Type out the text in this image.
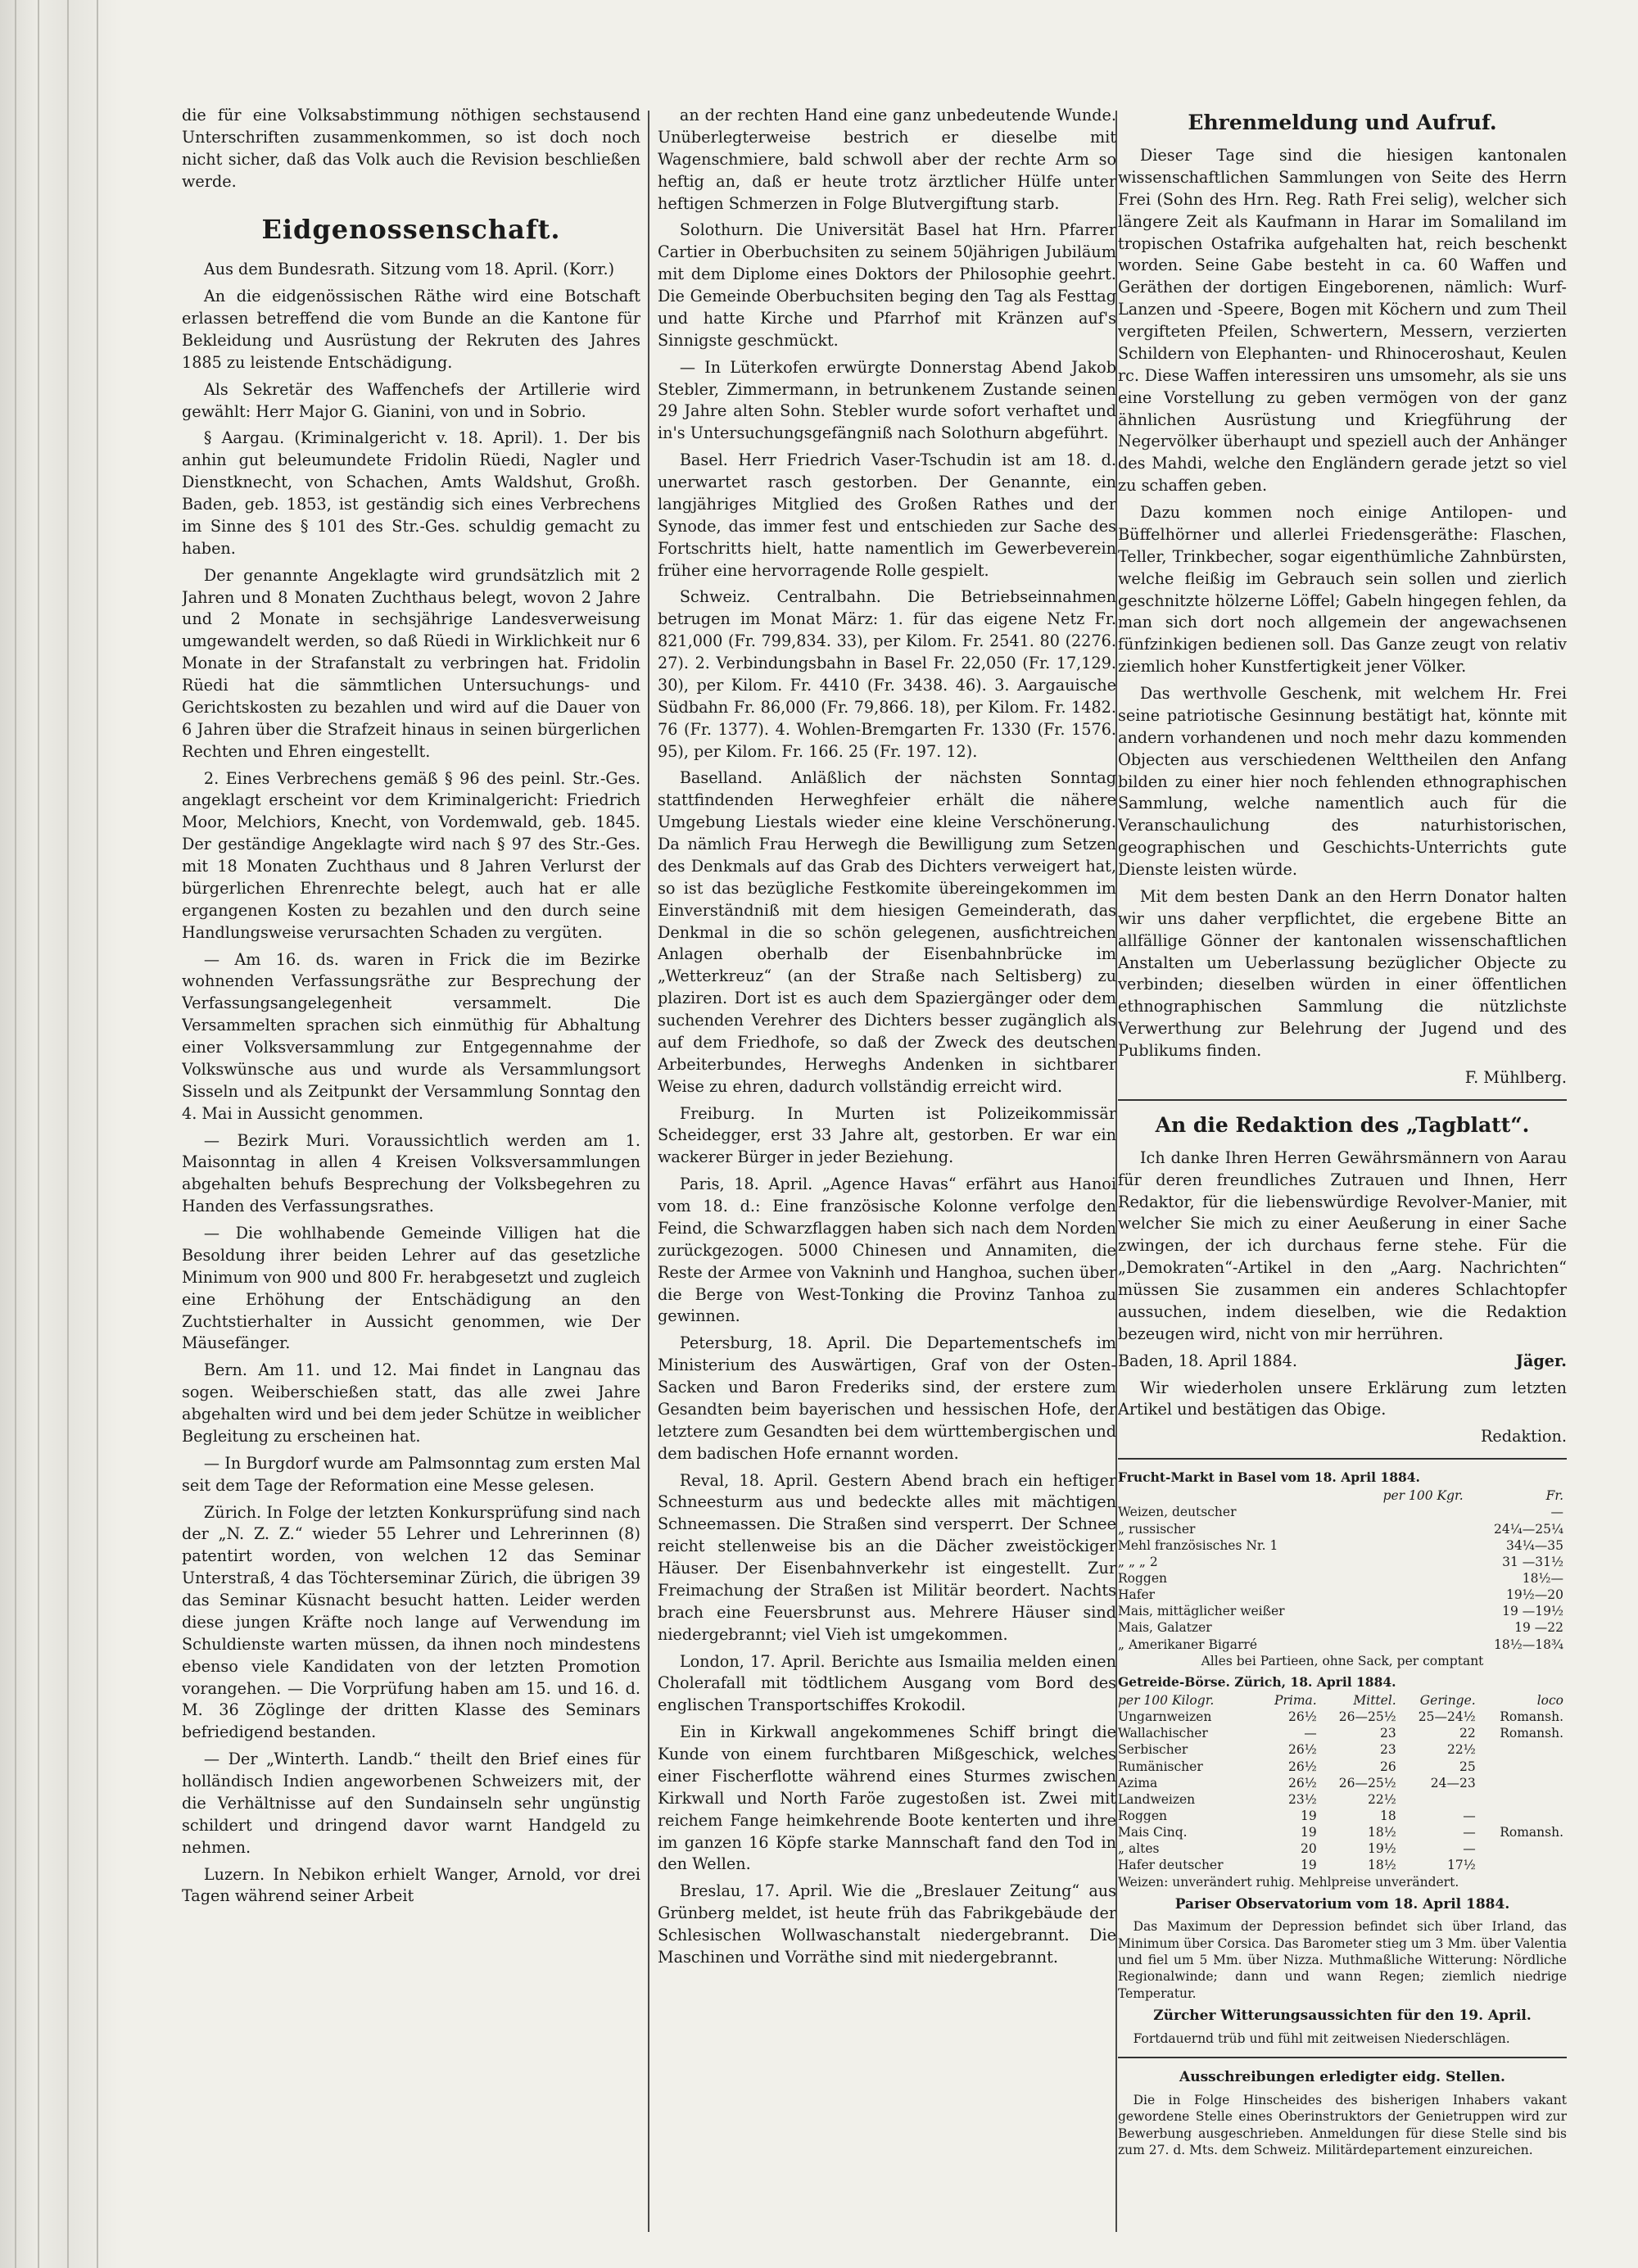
die für eine Volksabstimmung nöthigen sechstausend Unterschriften zusammenkommen, so ist doch noch nicht sicher, daß das Volk auch die Revision beschließen werde.

Eidgenossenschaft.

Aus dem Bundesrath. Sitzung vom 18. April. (Korr.)

An die eidgenössischen Räthe wird eine Botschaft erlassen betreffend die vom Bunde an die Kantone für Bekleidung und Ausrüstung der Rekruten des Jahres 1885 zu leistende Entschädigung.

Als Sekretär des Waffenchefs der Artillerie wird gewählt: Herr Major G. Gianini, von und in Sobrio.

§ Aargau. (Kriminalgericht v. 18. April). 1. Der bis anhin gut beleumundete Fridolin Rüedi, Nagler und Dienstknecht, von Schachen, Amts Waldshut, Großh. Baden, geb. 1853, ist geständig sich eines Verbrechens im Sinne des § 101 des Str.-Ges. schuldig gemacht zu haben.

Der genannte Angeklagte wird grundsätzlich mit 2 Jahren und 8 Monaten Zuchthaus belegt, wovon 2 Jahre und 2 Monate in sechsjährige Landesverweisung umgewandelt werden, so daß Rüedi in Wirklichkeit nur 6 Monate in der Strafanstalt zu verbringen hat. Fridolin Rüedi hat die sämmtlichen Untersuchungs- und Gerichtskosten zu bezahlen und wird auf die Dauer von 6 Jahren über die Strafzeit hinaus in seinen bürgerlichen Rechten und Ehren eingestellt.

2. Eines Verbrechens gemäß § 96 des peinl. Str.-Ges. angeklagt erscheint vor dem Kriminalgericht: Friedrich Moor, Melchiors, Knecht, von Vordemwald, geb. 1845. Der geständige Angeklagte wird nach § 97 des Str.-Ges. mit 18 Monaten Zuchthaus und 8 Jahren Verlurst der bürgerlichen Ehrenrechte belegt, auch hat er alle ergangenen Kosten zu bezahlen und den durch seine Handlungsweise verursachten Schaden zu vergüten.

— Am 16. ds. waren in Frick die im Bezirke wohnenden Verfassungsräthe zur Besprechung der Verfassungsangelegenheit versammelt. Die Versammelten sprachen sich einmüthig für Abhaltung einer Volksversammlung zur Entgegennahme der Volkswünsche aus und wurde als Versammlungsort Sisseln und als Zeitpunkt der Versammlung Sonntag den 4. Mai in Aussicht genommen.

— Bezirk Muri. Voraussichtlich werden am 1. Maisonntag in allen 4 Kreisen Volksversammlungen abgehalten behufs Besprechung der Volksbegehren zu Handen des Verfassungsrathes.

— Die wohlhabende Gemeinde Villigen hat die Besoldung ihrer beiden Lehrer auf das gesetzliche Minimum von 900 und 800 Fr. herabgesetzt und zugleich eine Erhöhung der Entschädigung an den Zuchtstierhalter in Aussicht genommen, wie Der Mäusefänger.

Bern. Am 11. und 12. Mai findet in Langnau das sogen. Weiberschießen statt, das alle zwei Jahre abgehalten wird und bei dem jeder Schütze in weiblicher Begleitung zu erscheinen hat.

— In Burgdorf wurde am Palmsonntag zum ersten Mal seit dem Tage der Reformation eine Messe gelesen.

Zürich. In Folge der letzten Konkursprüfung sind nach der „N. Z. Z.“ wieder 55 Lehrer und Lehrerinnen (8) patentirt worden, von welchen 12 das Seminar Unterstraß, 4 das Töchterseminar Zürich, die übrigen 39 das Seminar Küsnacht besucht hatten. Leider werden diese jungen Kräfte noch lange auf Verwendung im Schuldienste warten müssen, da ihnen noch mindestens ebenso viele Kandidaten von der letzten Promotion vorangehen. — Die Vorprüfung haben am 15. und 16. d. M. 36 Zöglinge der dritten Klasse des Seminars befriedigend bestanden.

— Der „Winterth. Landb.“ theilt den Brief eines für holländisch Indien angeworbenen Schweizers mit, der die Verhältnisse auf den Sundainseln sehr ungünstig schildert und dringend davor warnt Handgeld zu nehmen.

Luzern. In Nebikon erhielt Wanger, Arnold, vor drei Tagen während seiner Arbeit

an der rechten Hand eine ganz unbedeutende Wunde. Unüberlegterweise bestrich er dieselbe mit Wagenschmiere, bald schwoll aber der rechte Arm so heftig an, daß er heute trotz ärztlicher Hülfe unter heftigen Schmerzen in Folge Blutvergiftung starb.

Solothurn. Die Universität Basel hat Hrn. Pfarrer Cartier in Oberbuchsiten zu seinem 50jährigen Jubiläum mit dem Diplome eines Doktors der Philosophie geehrt. Die Gemeinde Oberbuchsiten beging den Tag als Festtag und hatte Kirche und Pfarrhof mit Kränzen auf's Sinnigste geschmückt.

— In Lüterkofen erwürgte Donnerstag Abend Jakob Stebler, Zimmermann, in betrunkenem Zustande seinen 29 Jahre alten Sohn. Stebler wurde sofort verhaftet und in's Untersuchungsgefängniß nach Solothurn abgeführt.

Basel. Herr Friedrich Vaser-Tschudin ist am 18. d. unerwartet rasch gestorben. Der Genannte, ein langjähriges Mitglied des Großen Rathes und der Synode, das immer fest und entschieden zur Sache des Fortschritts hielt, hatte namentlich im Gewerbeverein früher eine hervorragende Rolle gespielt.

Schweiz. Centralbahn. Die Betriebseinnahmen betrugen im Monat März: 1. für das eigene Netz Fr. 821,000 (Fr. 799,834. 33), per Kilom. Fr. 2541. 80 (2276. 27). 2. Verbindungsbahn in Basel Fr. 22,050 (Fr. 17,129. 30), per Kilom. Fr. 4410 (Fr. 3438. 46). 3. Aargauische Südbahn Fr. 86,000 (Fr. 79,866. 18), per Kilom. Fr. 1482. 76 (Fr. 1377). 4. Wohlen-Bremgarten Fr. 1330 (Fr. 1576. 95), per Kilom. Fr. 166. 25 (Fr. 197. 12).

Baselland. Anläßlich der nächsten Sonntag stattfindenden Herweghfeier erhält die nähere Umgebung Liestals wieder eine kleine Verschönerung. Da nämlich Frau Herwegh die Bewilligung zum Setzen des Denkmals auf das Grab des Dichters verweigert hat, so ist das bezügliche Festkomite übereingekommen im Einverständniß mit dem hiesigen Gemeinderath, das Denkmal in die so schön gelegenen, ausfichtreichen Anlagen oberhalb der Eisenbahnbrücke im „Wetterkreuz“ (an der Straße nach Seltisberg) zu plaziren. Dort ist es auch dem Spaziergänger oder dem suchenden Verehrer des Dichters besser zugänglich als auf dem Friedhofe, so daß der Zweck des deutschen Arbeiterbundes, Herweghs Andenken in sichtbarer Weise zu ehren, dadurch vollständig erreicht wird.

Freiburg. In Murten ist Polizeikommissär Scheidegger, erst 33 Jahre alt, gestorben. Er war ein wackerer Bürger in jeder Beziehung.

Paris, 18. April. „Agence Havas“ erfährt aus Hanoi vom 18. d.: Eine französische Kolonne verfolge den Feind, die Schwarzflaggen haben sich nach dem Norden zurückgezogen. 5000 Chinesen und Annamiten, die Reste der Armee von Vakninh und Hanghoa, suchen über die Berge von West-Tonking die Provinz Tanhoa zu gewinnen.

Petersburg, 18. April. Die Departementschefs im Ministerium des Auswärtigen, Graf von der Osten-Sacken und Baron Frederiks sind, der erstere zum Gesandten beim bayerischen und hessischen Hofe, der letztere zum Gesandten bei dem württembergischen und dem badischen Hofe ernannt worden.

Reval, 18. April. Gestern Abend brach ein heftiger Schneesturm aus und bedeckte alles mit mächtigen Schneemassen. Die Straßen sind versperrt. Der Schnee reicht stellenweise bis an die Dächer zweistöckiger Häuser. Der Eisenbahnverkehr ist eingestellt. Zur Freimachung der Straßen ist Militär beordert. Nachts brach eine Feuersbrunst aus. Mehrere Häuser sind niedergebrannt; viel Vieh ist umgekommen.

London, 17. April. Berichte aus Ismailia melden einen Cholerafall mit tödtlichem Ausgang vom Bord des englischen Transportschiffes Krokodil.

Ein in Kirkwall angekommenes Schiff bringt die Kunde von einem furchtbaren Mißgeschick, welches einer Fischerflotte während eines Sturmes zwischen Kirkwall und North Faröe zugestoßen ist. Zwei mit reichem Fange heimkehrende Boote kenterten und ihre im ganzen 16 Köpfe starke Mannschaft fand den Tod in den Wellen.

Breslau, 17. April. Wie die „Breslauer Zeitung“ aus Grünberg meldet, ist heute früh das Fabrikgebäude der Schlesischen Wollwaschanstalt niedergebrannt. Die Maschinen und Vorräthe sind mit niedergebrannt.

Ehrenmeldung und Aufruf.

Dieser Tage sind die hiesigen kantonalen wissenschaftlichen Sammlungen von Seite des Herrn Frei (Sohn des Hrn. Reg. Rath Frei selig), welcher sich längere Zeit als Kaufmann in Harar im Somaliland im tropischen Ostafrika aufgehalten hat, reich beschenkt worden. Seine Gabe besteht in ca. 60 Waffen und Geräthen der dortigen Eingeborenen, nämlich: Wurf-Lanzen und -Speere, Bogen mit Köchern und zum Theil vergifteten Pfeilen, Schwertern, Messern, verzierten Schildern von Elephanten- und Rhinoceroshaut, Keulen rc. Diese Waffen interessiren uns umsomehr, als sie uns eine Vorstellung zu geben vermögen von der ganz ähnlichen Ausrüstung und Kriegführung der Negervölker überhaupt und speziell auch der Anhänger des Mahdi, welche den Engländern gerade jetzt so viel zu schaffen geben.

Dazu kommen noch einige Antilopen- und Büffelhörner und allerlei Friedensgeräthe: Flaschen, Teller, Trinkbecher, sogar eigenthümliche Zahnbürsten, welche fleißig im Gebrauch sein sollen und zierlich geschnitzte hölzerne Löffel; Gabeln hingegen fehlen, da man sich dort noch allgemein der angewachsenen fünfzinkigen bedienen soll. Das Ganze zeugt von relativ ziemlich hoher Kunstfertigkeit jener Völker.

Das werthvolle Geschenk, mit welchem Hr. Frei seine patriotische Gesinnung bestätigt hat, könnte mit andern vorhandenen und noch mehr dazu kommenden Objecten aus verschiedenen Welttheilen den Anfang bilden zu einer hier noch fehlenden ethnographischen Sammlung, welche namentlich auch für die Veranschaulichung des naturhistorischen, geographischen und Geschichts-Unterrichts gute Dienste leisten würde.

Mit dem besten Dank an den Herrn Donator halten wir uns daher verpflichtet, die ergebene Bitte an allfällige Gönner der kantonalen wissenschaftlichen Anstalten um Ueberlassung bezüglicher Objecte zu verbinden; dieselben würden in einer öffentlichen ethnographischen Sammlung die nützlichste Verwerthung zur Belehrung der Jugend und des Publikums finden.

F. Mühlberg.

An die Redaktion des „Tagblatt“.

Ich danke Ihren Herren Gewährsmännern von Aarau für deren freundliches Zutrauen und Ihnen, Herr Redaktor, für die liebenswürdige Revolver-Manier, mit welcher Sie mich zu einer Aeußerung in einer Sache zwingen, der ich durchaus ferne stehe. Für die „Demokraten“-Artikel in den „Aarg. Nachrichten“ müssen Sie zusammen ein anderes Schlachtopfer aussuchen, indem dieselben, wie die Redaktion bezeugen wird, nicht von mir herrühren.

Baden, 18. April 1884.	Jäger.

Wir wiederholen unsere Erklärung zum letzten Artikel und bestätigen das Obige.

Redaktion.

Frucht-Markt in Basel vom 18. April 1884.
	per 100 Kgr.	Fr.
Weizen, deutscher		—
„ russischer		24¼—25¼
Mehl französisches Nr. 1		34¼—35
„ „ „ 2		31 —31½
Roggen		18½—
Hafer		19½—20
Mais, mittäglicher weißer		19 —19½
Mais, Galatzer		19 —22
„ Amerikaner Bigarré		18½—18¾
Alles bei Partieen, ohne Sack, per comptant
Getreide-Börse. Zürich, 18. April 1884.
per 100 Kilogr.	Prima.	Mittel.	Geringe.	loco
Ungarnweizen	26½	26—25½	25—24½	Romansh.
Wallachischer	—	23	22	Romansh.
Serbischer	26½	23	22½	
Rumänischer	26½	26	25	
Azima	26½	26—25½	24—23	
Landweizen	23½	22½		
Roggen	19	18	—	
Mais Cinq.	19	18½	—	Romansh.
„ altes	20	19½	—	
Hafer deutscher	19	18½	17½	
Weizen: unverändert ruhig. Mehlpreise unverändert.
Pariser Observatorium vom 18. April 1884.

Das Maximum der Depression befindet sich über Irland, das Minimum über Corsica. Das Barometer stieg um 3 Mm. über Valentia und fiel um 5 Mm. über Nizza. Muthmaßliche Witterung: Nördliche Regionalwinde; dann und wann Regen; ziemlich niedrige Temperatur.

Zürcher Witterungsaussichten für den 19. April.

Fortdauernd trüb und fühl mit zeitweisen Niederschlägen.

Ausschreibungen erledigter eidg. Stellen.

Die in Folge Hinscheides des bisherigen Inhabers vakant gewordene Stelle eines Oberinstruktors der Genietruppen wird zur Bewerbung ausgeschrieben. Anmeldungen für diese Stelle sind bis zum 27. d. Mts. dem Schweiz. Militärdepartement einzureichen.
